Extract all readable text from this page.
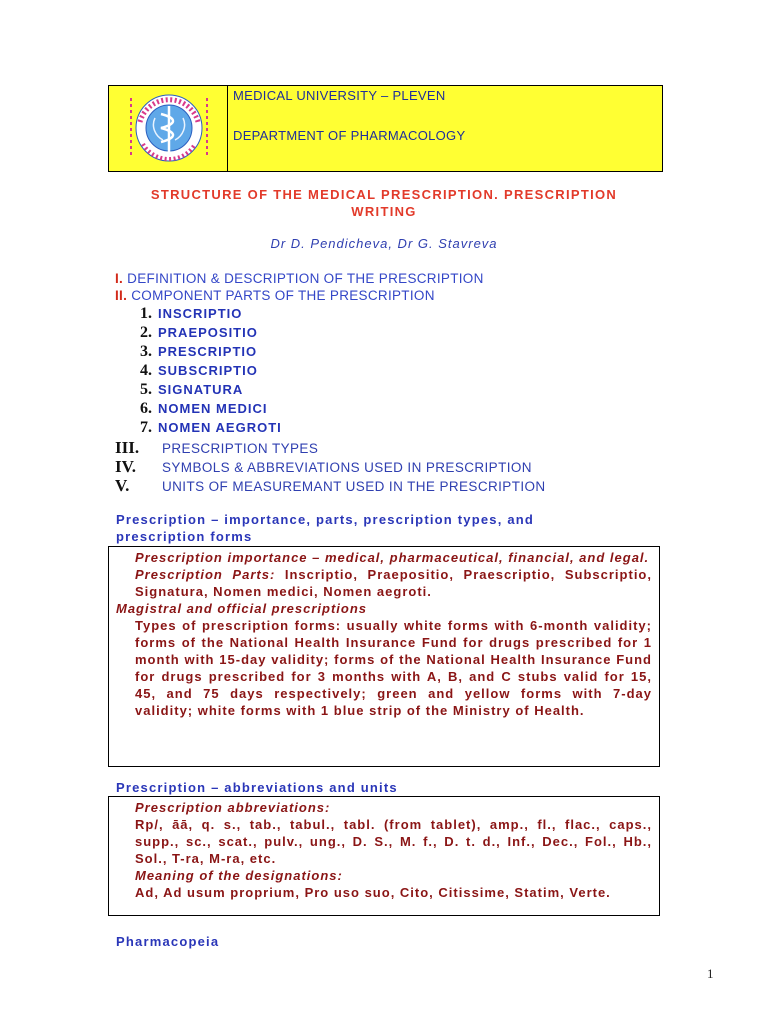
MEDICAL UNIVERSITY – PLEVEN
DEPARTMENT OF PHARMACOLOGY
STRUCTURE OF THE MEDICAL PRESCRIPTION. PRESCRIPTION
WRITING
Dr D. Pendicheva, Dr G. Stavreva
I. DEFINITION & DESCRIPTION OF THE PRESCRIPTION
II. COMPONENT PARTS OF THE PRESCRIPTION
1. INSCRIPTIO
2. PRAEPOSITIO
3. PRESCRIPTIO
4. SUBSCRIPTIO
5. SIGNATURA
6. NOMEN MEDICI
7. NOMEN AEGROTI
III. PRESCRIPTION TYPES
IV. SYMBOLS & ABBREVIATIONS USED IN PRESCRIPTION
V. UNITS OF MEASUREMANT USED IN THE PRESCRIPTION
Prescription – importance, parts, prescription types, and
prescription forms

Prescription importance – medical, pharmaceutical, financial, and legal.

Prescription Parts: Inscriptio, Praepositio, Praescriptio, Subscriptio, Signatura, Nomen medici, Nomen aegroti.

Magistral and official prescriptions

Types of prescription forms: usually white forms with 6-month validity; forms of the National Health Insurance Fund for drugs prescribed for 1 month with 15-day validity; forms of the National Health Insurance Fund for drugs prescribed for 3 months with A, B, and C stubs valid for 15, 45, and 75 days respectively; green and yellow forms with 7-day validity; white forms with 1 blue strip of the Ministry of Health.

Prescription – abbreviations and units

Prescription abbreviations:

Rp/, āā, q. s., tab., tabul., tabl. (from tablet), amp., fl., flac., caps., supp., sc., scat., pulv., ung., D. S., M. f., D. t. d., Inf., Dec., Fol., Hb., Sol., T-ra, M-ra, etc.

Meaning of the designations:

Ad, Ad usum proprium, Pro uso suo, Cito, Citissime, Statim, Verte.

Pharmacopeia
1
